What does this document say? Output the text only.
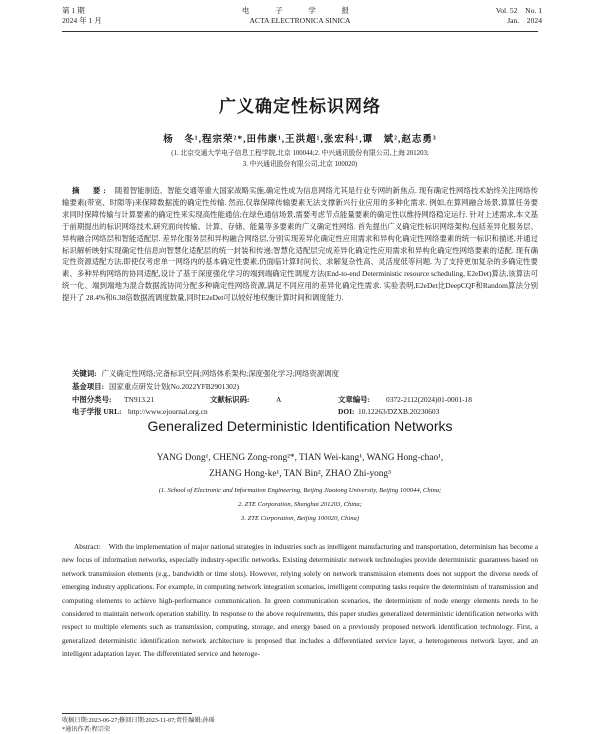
第 1 期
2024 年 1 月
电　子　学　报
ACTA ELECTRONICA SINICA
Vol. 52　No. 1
Jan.　2024
广义确定性标识网络
杨　冬¹,程宗荣²*,田伟康¹,王洪超¹,张宏科¹,谭　斌²,赵志勇³
(1. 北京交通大学电子信息工程学院,北京 100044;2. 中兴通讯股份有限公司,上海 201203;
3. 中兴通讯股份有限公司,北京 100020)
摘　要: 随着智能制造、智能交通等重大国家战略实施,确定性成为信息网络尤其是行业专网的新焦点. 现有确定性网络技术始终关注网络传输要素(带宽、时隙等)来保障数据流的确定性传输. 然而,仅靠保障传输要素无法支撑新兴行业应用的多种化需求. 例如,在算网融合场景,算算任务要求同时保障传输与计算要素的确定性来实现高性能通信;在绿色通信场景,需要考虑节点能量要素的确定性以维持网络稳定运行. 针对上述需求,本文基于前期提出的标识网络技术,研究面向传输、计算、存储、能量等多要素的广义确定性网络. 首先提出广义确定性标识网络架构,包括差异化服务层、异构融合网络层和智能适配层. 差异化服务层和异构融合网络层,分别实现差异化确定性应用需求和异构化确定性网络要素的统一标识和描述,并通过标识解析映射实现确定性信息向智慧化适配层的统一封装和传递;智慧化适配层完成差异化确定性应用需求和异构化确定性网络要素的适配. 现有确定性资源适配方法,即使仅考虑单一网络内的基本确定性要素,仍面临计算时间长、求解复杂性高、灵活度低等问题. 为了支持更加复杂的多确定性要素、多种异构网络的协同适配,设计了基于深度强化学习的端到端确定性调度方法(End-to-end Deterministic resource scheduling, E2eDet)算法,该算法可统一化、端到端地为混合数据流协同分配多种确定性网络资源,满足不同应用的差异化确定性需求. 实验表明,E2eDet比DeepCQF和Random算法分别提升了 28.4%和6.38倍数据流调度数量,同时E2eDet可以较好地权衡计算时间和调度能力.
关键词: 广义确定性网络;完备标识空间;网络体系架构;深度强化学习;网络资源调度
基金项目: 国家重点研发计划(No.2022YFB2901302)
中图分类号: TN913.21	文献标识码:	A	文章编号: 0372-2112(2024)01-0001-18
电子学报 URL: http://www.ejournal.org.cn	DOI: 10.12263/DZXB.20230603
Generalized Deterministic Identification Networks
YANG Dong¹, CHENG Zong-rong²*, TIAN Wei-kang¹, WANG Hong-chao¹,
ZHANG Hong-ke¹, TAN Bin², ZHAO Zhi-yong³
(1. School of Electronic and Information Engineering, Beijing Jiaotong University, Beijing 100044, China;
2. ZTE Corporation, Shanghai 201203, China;
3. ZTE Corporation, Beijing 100020, China)
Abstract: With the implementation of major national strategies in industries such as intelligent manufacturing and transportation, determinism has become a new focus of information networks, especially industry-specific networks. Existing deterministic network technologies provide deterministic guarantees based on network transmission elements (e.g., bandwidth or time slots). However, relying solely on network transmission elements does not support the diverse needs of emerging industry applications. For example, in computing network integration scenarios, intelligent computing tasks require the determinism of transmission and computing elements to achieve high-performance communication. In green communication scenarios, the determinism of node energy elements needs to be considered to maintain network operation stability. In response to the above requirements, this paper studies generalized deterministic identification networks with respect to multiple elements such as transmission, computing, storage, and energy based on a previously proposed network identification technology. First, a generalized deterministic identification network architecture is proposed that includes a differentiated service layer, a heterogeneous network layer, and an intelligent adaptation layer. The differentiated service and heteroge-
收稿日期:2023-06-27;修回日期:2023-11-07;责任编辑:孙瑶
*通讯作者:程宗荣
